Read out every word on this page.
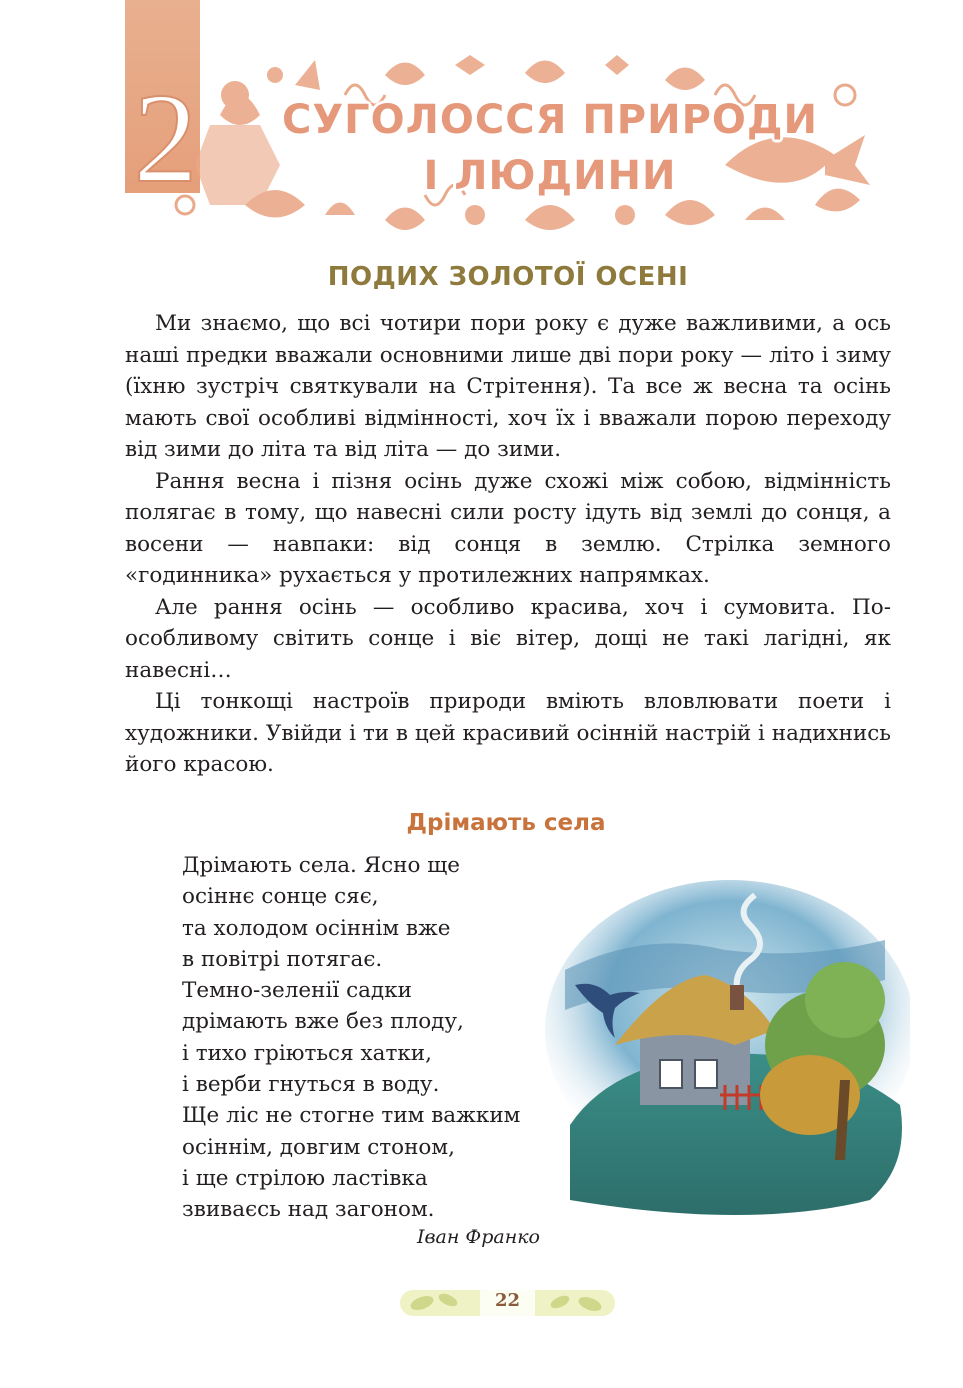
2	СУГОЛОССЯ ПРИРОДИ
І ЛЮДИНИ
ПОДИХ ЗОЛОТОЇ ОСЕНІ

Ми знаємо, що всі чотири пори року є дуже важливими, а ось наші предки вважали основними лише дві пори року — літо і зиму (їхню зустріч святкували на Стрітення). Та все ж весна та осінь мають свої особливі відмінності, хоч їх і вважали порою переходу від зими до літа та від літа — до зими.

Рання весна і пізня осінь дуже схожі між собою, відмінність полягає в тому, що навесні сили росту ідуть від землі до сонця, а восени — навпаки: від сонця в землю. Стрілка земного «годинника» рухається у протилежних напрямках.

Але рання осінь — особливо красива, хоч і сумовита. По-особливому світить сонце і віє вітер, дощі не такі лагідні, як навесні…

Ці тонкощі настроїв природи вміють вловлювати поети і художники. Увійди і ти в цей красивий осінній настрій і надихнись його красою.

Дрімають села
Дрімають села. Ясно ще
осіннє сонце сяє,
та холодом осіннім вже
в повітрі потягає.
Темно-зеленії садки
дрімають вже без плоду,
і тихо гріються хатки,
і верби гнуться в воду.
Ще ліс не стогне тим важким
осіннім, довгим стоном,
і ще стрілою ластівка
звиваєсь над загоном.
Іван Франко
22
